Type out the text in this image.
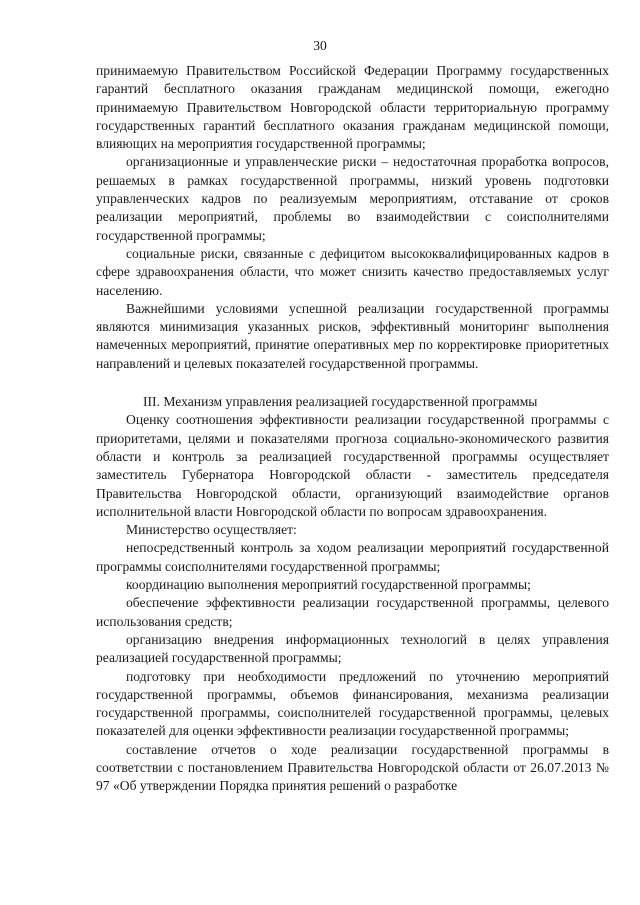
30

принимаемую Правительством Российской Федерации Программу государственных гарантий бесплатного оказания гражданам медицинской помощи, ежегодно принимаемую Правительством Новгородской области территориальную программу государственных гарантий бесплатного оказания гражданам медицинской помощи, влияющих на мероприятия государственной программы;

организационные и управленческие риски – недостаточная проработка вопросов, решаемых в рамках государственной программы, низкий уровень подготовки управленческих кадров по реализуемым мероприятиям, отставание от сроков реализации мероприятий, проблемы во взаимодействии с соисполнителями государственной программы;

социальные риски, связанные с дефицитом высококвалифицированных кадров в сфере здравоохранения области, что может снизить качество предоставляемых услуг населению.

Важнейшими условиями успешной реализации государственной программы являются минимизация указанных рисков, эффективный мониторинг выполнения намеченных мероприятий, принятие оперативных мер по корректировке приоритетных направлений и целевых показателей государственной программы.

III. Механизм управления реализацией государственной программы

Оценку соотношения эффективности реализации государственной программы с приоритетами, целями и показателями прогноза социально-экономического развития области и контроль за реализацией государственной программы осуществляет заместитель Губернатора Новгородской области - заместитель председателя Правительства Новгородской области, организующий взаимодействие органов исполнительной власти Новгородской области по вопросам здравоохранения.

Министерство осуществляет:

непосредственный контроль за ходом реализации мероприятий государственной программы соисполнителями государственной программы;

координацию выполнения мероприятий государственной программы;

обеспечение эффективности реализации государственной программы, целевого использования средств;

организацию внедрения информационных технологий в целях управления реализацией государственной программы;

подготовку при необходимости предложений по уточнению мероприятий государственной программы, объемов финансирования, механизма реализации государственной программы, соисполнителей государственной программы, целевых показателей для оценки эффективности реализации государственной программы;

составление отчетов о ходе реализации государственной программы в соответствии с постановлением Правительства Новгородской области от 26.07.2013 № 97 «Об утверждении Порядка принятия решений о разработке
